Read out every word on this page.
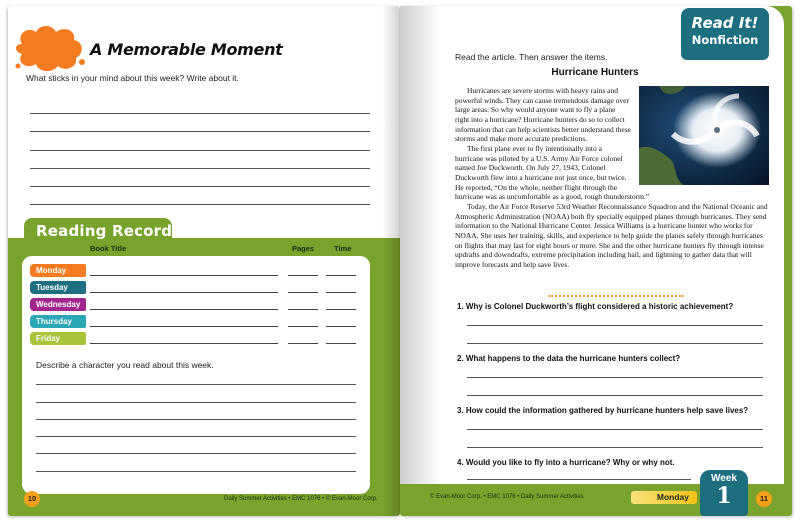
A Memorable Moment
What sticks in your mind about this week? Write about it.
Reading Record
Book Title	Pages	Time
Monday
Tuesday
Wednesday
Thursday
Friday
Describe a character you read about this week.
10	Daily Summer Activities • EMC 1076 • © Evan-Moor Corp.
Read It!
Nonfiction
Read the article. Then answer the items.
Hurricane Hunters

Hurricanes are severe storms with heavy rains and powerful winds. They can cause tremendous damage over large areas. So why would anyone want to fly a plane right into a hurricane? Hurricane hunters do so to collect information that can help scientists better understand these storms and make more accurate predictions.

The first plane ever to fly intentionally into a hurricane was piloted by a U.S. Army Air Force colonel named Joe Duckworth. On July 27, 1943, Colonel Duckworth flew into a hurricane not just once, but twice. He reported, “On the whole, neither flight through the hurricane was as uncomfortable as a good, rough thunderstorm.”

Today, the Air Force Reserve 53rd Weather Reconnaissance Squadron and the National Oceanic and Atmospheric Administration (NOAA) both fly specially equipped planes through hurricanes. They send information to the National Hurricane Center. Jessica Williams is a hurricane hunter who works for NOAA. She uses her training, skills, and experience to help guide the planes safely through hurricanes on flights that may last for eight hours or more. She and the other hurricane hunters fly through intense updrafts and downdrafts, extreme precipitation including hail, and lightning to gather data that will improve forecasts and help save lives.

1. Why is Colonel Duckworth’s flight considered a historic achievement?
2. What happens to the data the hurricane hunters collect?
3. How could the information gathered by hurricane hunters help save lives?
4. Would you like to fly into a hurricane? Why or why not.
© Evan-Moor Corp. • EMC 1076 • Daily Summer Activities	Monday
Week
1	11
